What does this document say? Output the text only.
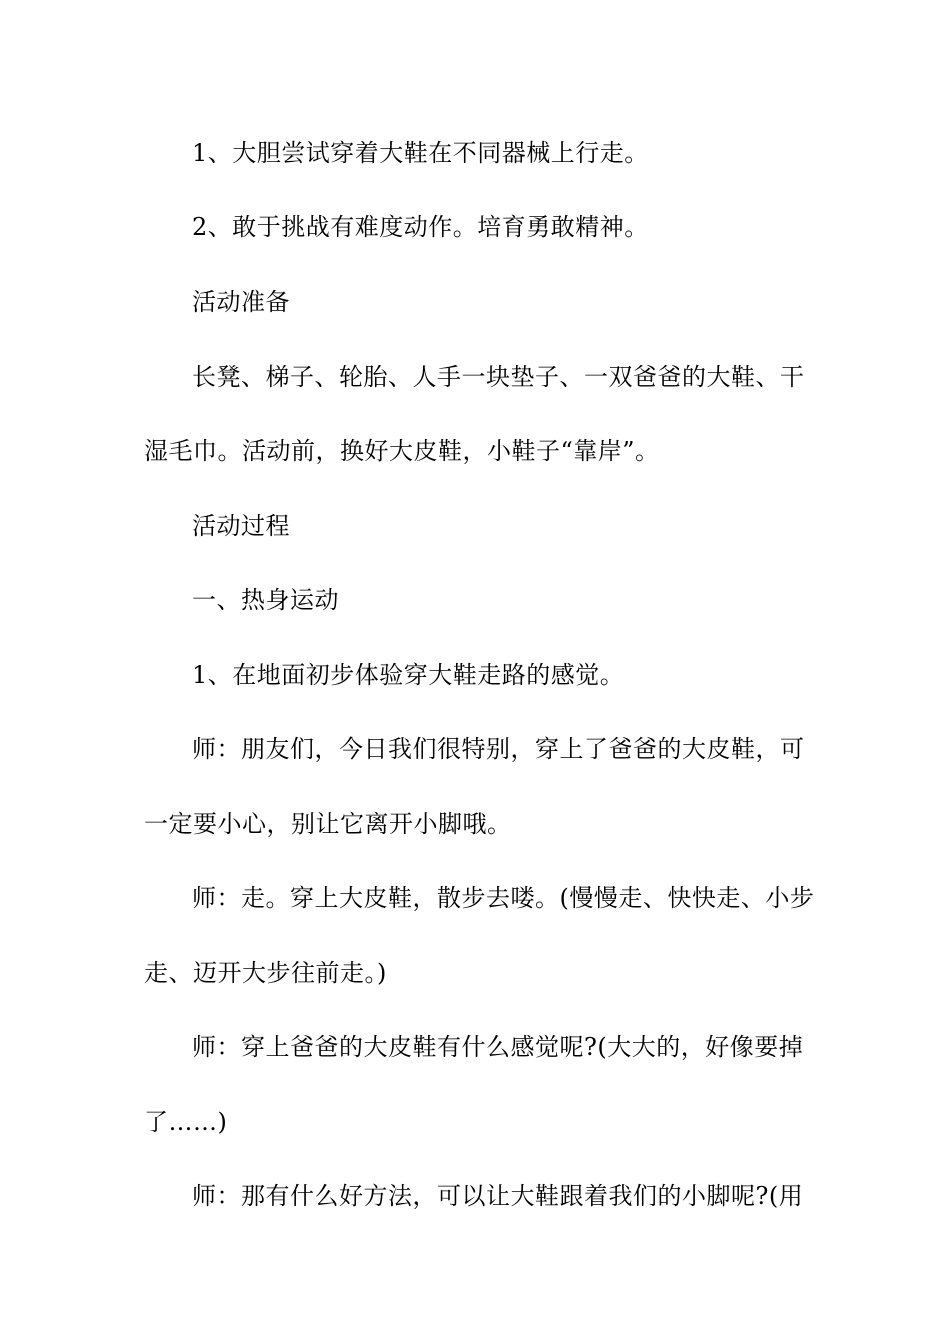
1、大胆尝试穿着大鞋在不同器械上行走。
2、敢于挑战有难度动作。培育勇敢精神。
活动准备
长凳、梯子、轮胎、人手一块垫子、一双爸爸的大鞋、干
湿毛巾。活动前，换好大皮鞋，小鞋子“靠岸”。
活动过程
一、热身运动
1、在地面初步体验穿大鞋走路的感觉。
师：朋友们，今日我们很特别，穿上了爸爸的大皮鞋，可
一定要小心，别让它离开小脚哦。
师：走。穿上大皮鞋，散步去喽。(慢慢走、快快走、小步
走、迈开大步往前走。)
师：穿上爸爸的大皮鞋有什么感觉呢?(大大的，好像要掉
了……)
师：那有什么好方法，可以让大鞋跟着我们的小脚呢?(用
